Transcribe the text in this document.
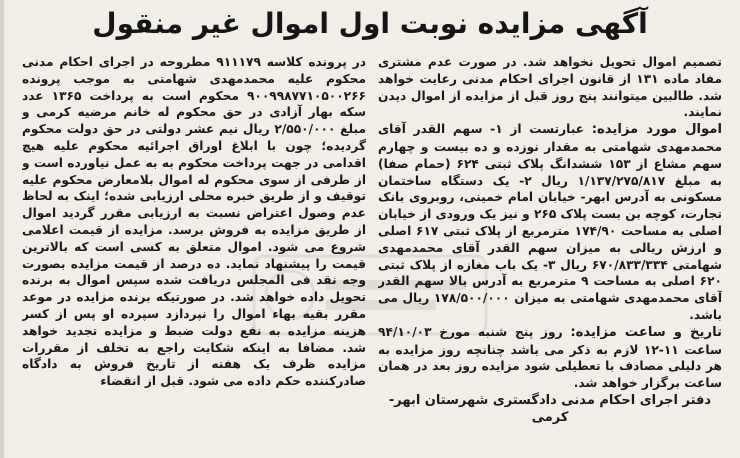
آگهی مزایده نوبت اول اموال غیر منقول

در پرونده کلاسه ۹۱۱۱۷۹ مطروحه در اجرای احکام مدنی محکوم علیه محمدمهدی شهامتی به موجب پرونده ۹۰۰۹۹۸۷۷۱۰۵۰۰۲۶۶ محکوم است به پرداخت ۱۳۶۵ عدد سکه بهار آزادی در حق محکوم له خانم مرضیه کرمی و مبلغ ۲/۵۵۰/۰۰۰ ریال نیم عشر دولتی در حق دولت محکوم گردیده؛ چون با ابلاغ اوراق اجرائیه محکوم علیه هیچ اقدامی در جهت پرداخت محکوم به به عمل نیاورده است و از طرفی از سوی محکوم له اموال بلامعارض محکوم علیه توقیف و از طریق خبره محلی ارزیابی شده؛ اینک به لحاظ عدم وصول اعتراض نسبت به ارزیابی مقرر گردید اموال از طریق مزایده به فروش برسد. مزایده از قیمت اعلامی شروع می شود. اموال متعلق به کسی است که بالاترین قیمت را پیشنهاد نماید. ده درصد از قیمت مزایده بصورت وجه نقد فی المجلس دریافت شده سپس اموال به برنده تحویل داده خواهد شد. در صورتیکه برنده مزایده در موعد مقرر بقیه بهاء اموال را نپردازد سپرده او پس از کسر هزینه مزایده به نفع دولت ضبط و مزایده تجدید خواهد شد. مضافا به اینکه شکایت راجع به تخلف از مقررات مزایده ظرف یک هفته از تاریخ فروش به دادگاه صادرکننده حکم داده می شود. قبل از انقضاء

تصمیم اموال تحویل نخواهد شد. در صورت عدم مشتری مفاد ماده ۱۳۱ از قانون اجرای احکام مدنی رعایت خواهد شد. طالبین میتوانند پنج روز قبل از مزایده از اموال دیدن نمایند.

اموال مورد مزایده: عبارتست از ۱- سهم القدر آقای محمدمهدی شهامتی به مقدار نوزده و ده بیست و چهارم سهم مشاع از ۱۵۳ ششدانگ پلاک ثبتی ۶۲۴ (حمام صفا) به مبلغ ۱/۱۳۷/۲۷۵/۸۱۷ ریال ۲- یک دستگاه ساختمان مسکونی به آدرس ابهر- خیابان امام خمینی، روبروی بانک تجارت، کوچه بن بست پلاک ۲۶۵ و نیز یک ورودی از خیابان اصلی به مساحت ۱۷۴/۹۰ مترمربع از پلاک ثبتی ۶۱۷ اصلی و ارزش ریالی به میزان سهم القدر آقای محمدمهدی شهامتی ۶۷۰/۸۳۳/۳۳۴ ریال ۳- یک باب مغازه از پلاک ثبتی ۶۲۰ اصلی به مساحت ۹ مترمربع به آدرس بالا سهم القدر آقای محمدمهدی شهامتی به میزان ۱۷۸/۵۰۰/۰۰۰ ریال می باشد.

تاریخ و ساعت مزایده: روز پنج شنبه مورخ ۹۴/۱۰/۰۳ ساعت ۱۱-۱۲ لازم به ذکر می باشد چنانچه روز مزایده به هر دلیلی مصادف با تعطیلی شود مزایده روز بعد در همان ساعت برگزار خواهد شد.

دفتر اجرای احکام مدنی دادگستری شهرستان ابهر- کرمی
